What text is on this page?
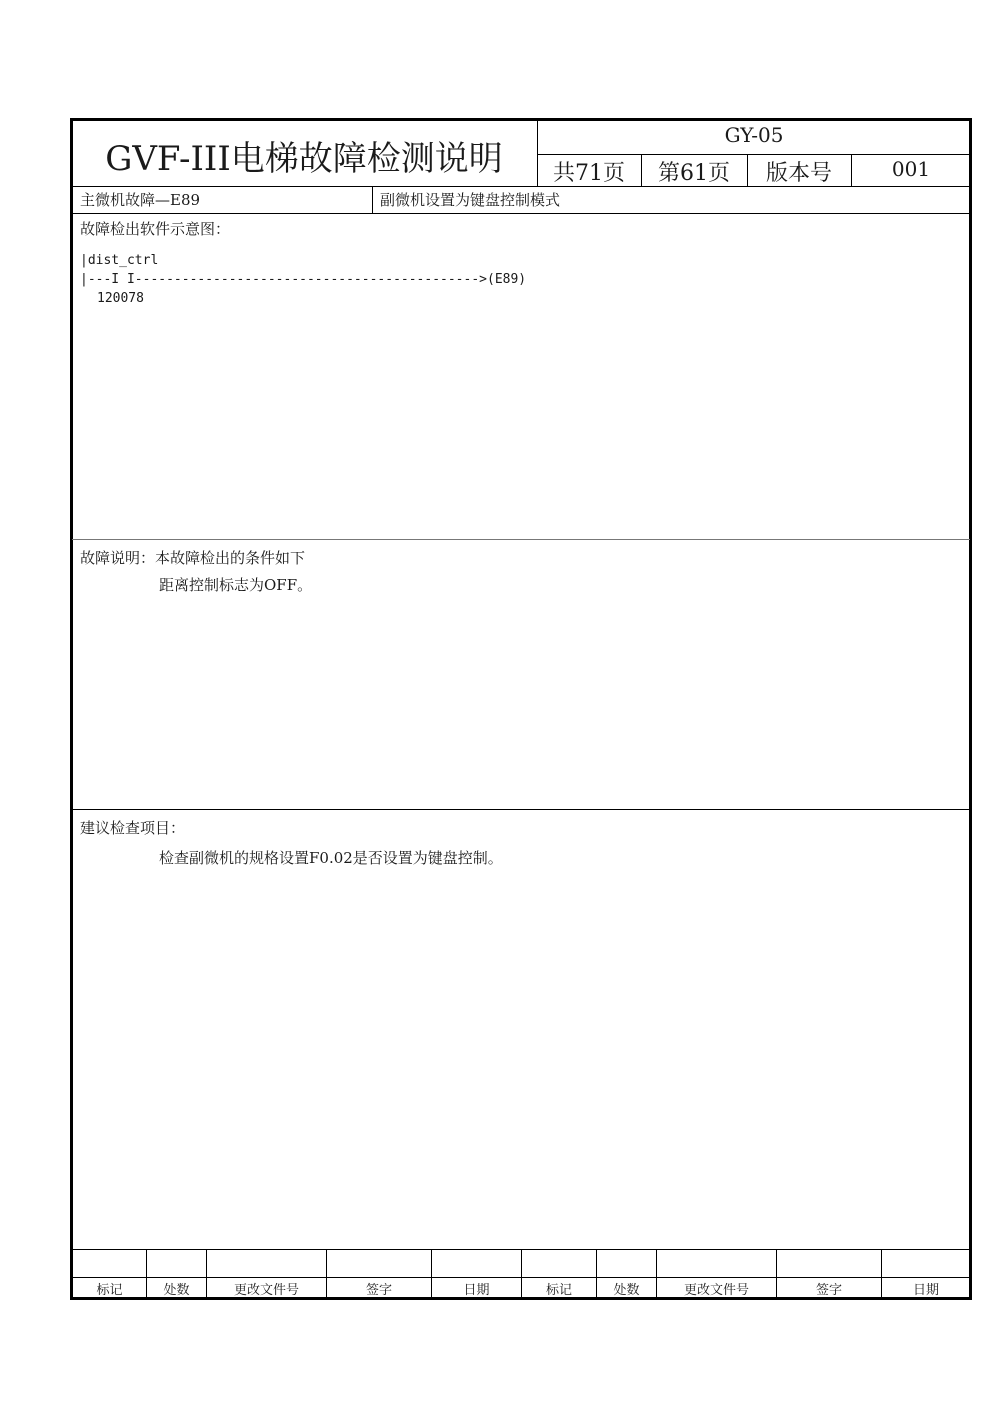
GVF-III电梯故障检测说明
GY-05
共71页	第61页	版本号	001
主微机故障—E89	副微机设置为键盘控制模式
故障检出软件示意图：
|dist_ctrl
|---I I-------------------------------------------->(E89)
120078
故障说明：本故障检出的条件如下
距离控制标志为OFF。
建议检查项目：
检查副微机的规格设置F0.02是否设置为键盘控制。
标记	处数	更改文件号	签字	日期	标记	处数	更改文件号	签字	日期
